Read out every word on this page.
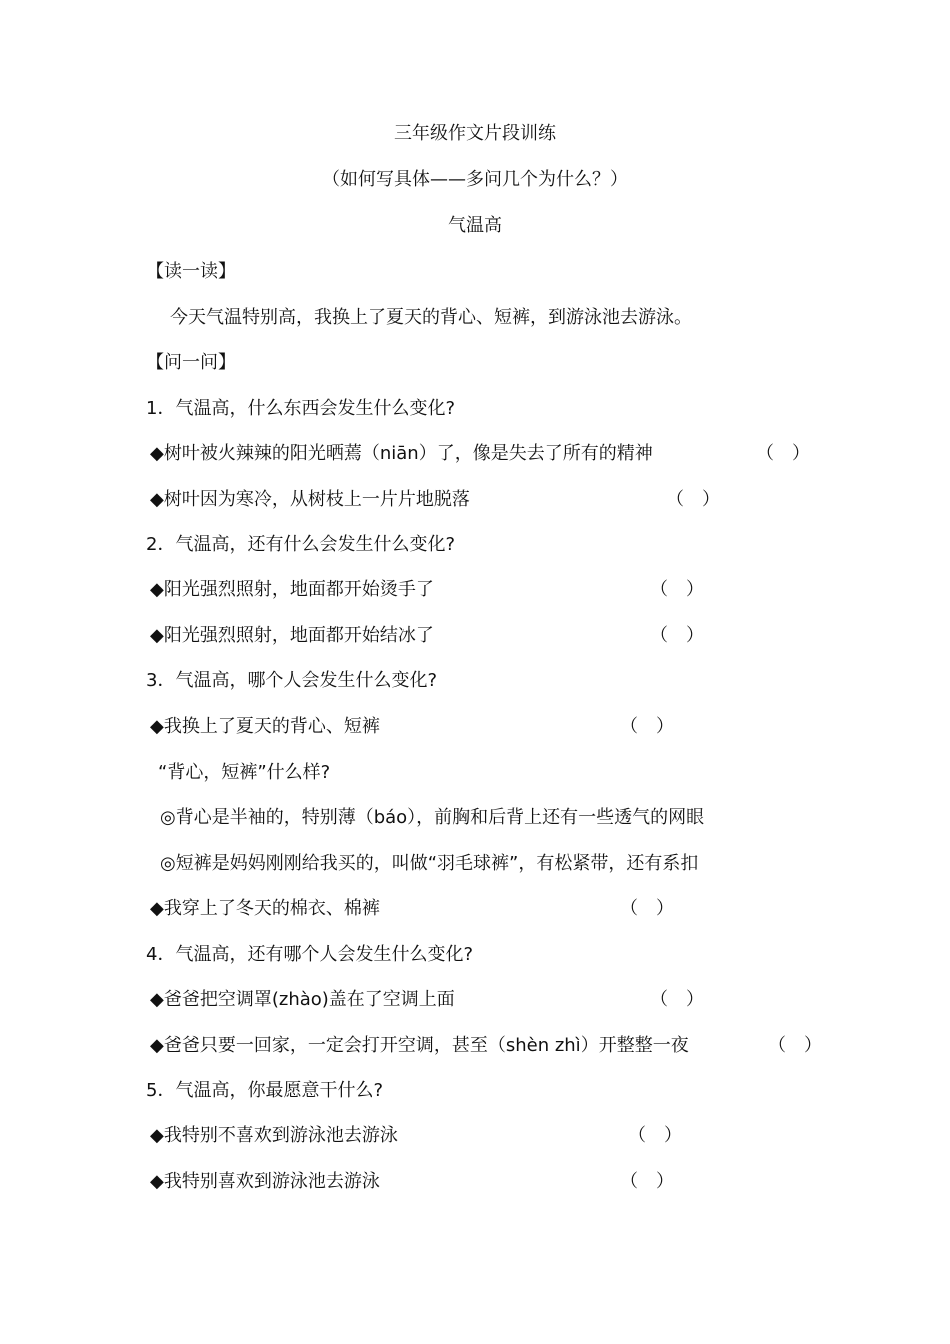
三年级作文片段训练
（如何写具体——多问几个为什么？）
气温高
【读一读】
今天气温特别高，我换上了夏天的背心、短裤，到游泳池去游泳。
【问一问】
1．气温高，什么东西会发生什么变化?
◆树叶被火辣辣的阳光晒蔫（niān）了，像是失去了所有的精神	（　）
◆树叶因为寒冷，从树枝上一片片地脱落	（　）
2．气温高，还有什么会发生什么变化?
◆阳光强烈照射，地面都开始烫手了	（　）
◆阳光强烈照射，地面都开始结冰了	（　）
3．气温高，哪个人会发生什么变化?
◆我换上了夏天的背心、短裤	（　）
“背心，短裤”什么样?
◎背心是半袖的，特别薄（báo），前胸和后背上还有一些透气的网眼
◎短裤是妈妈刚刚给我买的，叫做“羽毛球裤”，有松紧带，还有系扣
◆我穿上了冬天的棉衣、棉裤	（　）
4．气温高，还有哪个人会发生什么变化?
◆爸爸把空调罩(zhào)盖在了空调上面	（　）
◆爸爸只要一回家，一定会打开空调，甚至（shèn zhì）开整整一夜	（　）
5．气温高，你最愿意干什么?
◆我特别不喜欢到游泳池去游泳	（　）
◆我特别喜欢到游泳池去游泳	（　）
